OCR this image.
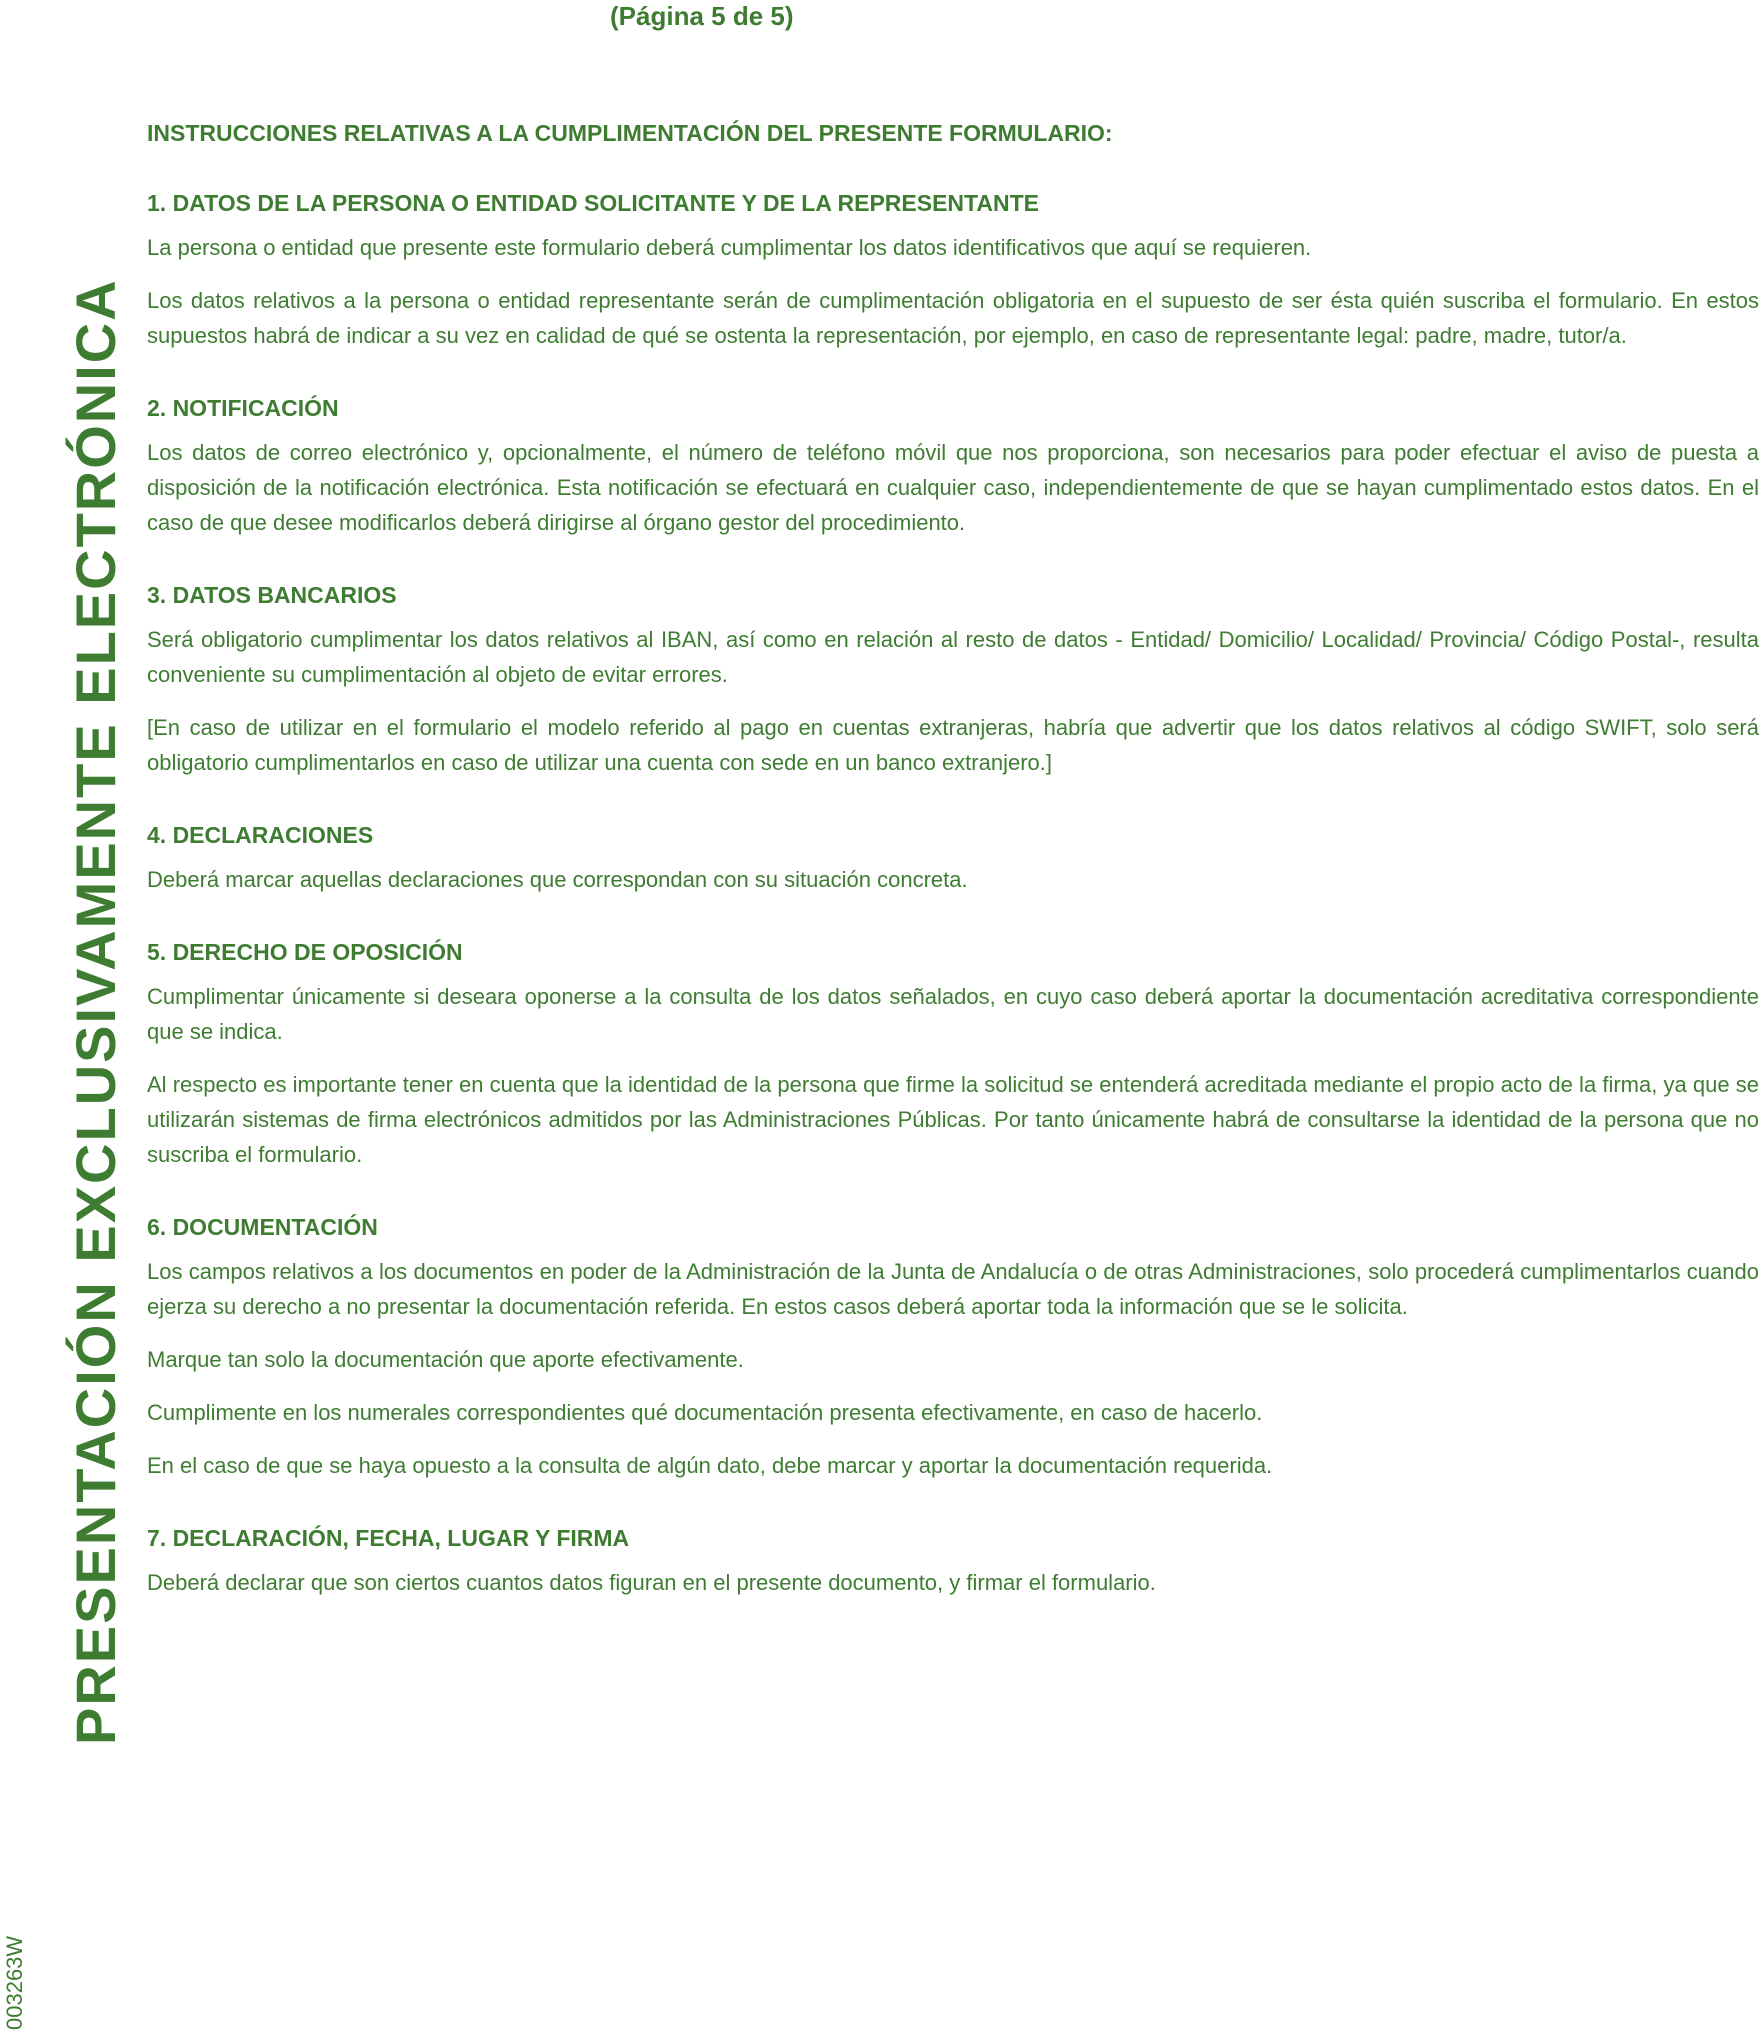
(Página 5 de 5)
PRESENTACIÓN EXCLUSIVAMENTE ELECTRÓNICA
003263W
INSTRUCCIONES RELATIVAS A LA CUMPLIMENTACIÓN DEL PRESENTE FORMULARIO:
1. DATOS DE LA PERSONA O ENTIDAD SOLICITANTE Y DE LA REPRESENTANTE

La persona o entidad que presente este formulario deberá cumplimentar los datos identificativos que aquí se requieren.

Los datos relativos a la persona o entidad representante serán de cumplimentación obligatoria en el supuesto de ser ésta quién suscriba el formulario. En estos supuestos habrá de indicar a su vez en calidad de qué se ostenta la representación, por ejemplo, en caso de representante legal: padre, madre, tutor/a.

2. NOTIFICACIÓN

Los datos de correo electrónico y, opcionalmente, el número de teléfono móvil que nos proporciona, son necesarios para poder efectuar el aviso de puesta a disposición de la notificación electrónica. Esta notificación se efectuará en cualquier caso, independientemente de que se hayan cumplimentado estos datos. En el caso de que desee modificarlos deberá dirigirse al órgano gestor del procedimiento.

3. DATOS BANCARIOS

Será obligatorio cumplimentar los datos relativos al IBAN, así como en relación al resto de datos - Entidad/ Domicilio/ Localidad/ Provincia/ Código Postal-, resulta conveniente su cumplimentación al objeto de evitar errores.

[En caso de utilizar en el formulario el modelo referido al pago en cuentas extranjeras, habría que advertir que los datos relativos al código SWIFT, solo será obligatorio cumplimentarlos en caso de utilizar una cuenta con sede en un banco extranjero.]

4. DECLARACIONES

Deberá marcar aquellas declaraciones que correspondan con su situación concreta.

5. DERECHO DE OPOSICIÓN

Cumplimentar únicamente si deseara oponerse a la consulta de los datos señalados, en cuyo caso deberá aportar la documentación acreditativa correspondiente que se indica.

Al respecto es importante tener en cuenta que la identidad de la persona que firme la solicitud se entenderá acreditada mediante el propio acto de la firma, ya que se utilizarán sistemas de firma electrónicos admitidos por las Administraciones Públicas. Por tanto únicamente habrá de consultarse la identidad de la persona que no suscriba el formulario.

6. DOCUMENTACIÓN

Los campos relativos a los documentos en poder de la Administración de la Junta de Andalucía o de otras Administraciones, solo procederá cumplimentarlos cuando ejerza su derecho a no presentar la documentación referida. En estos casos deberá aportar toda la información que se le solicita.

Marque tan solo la documentación que aporte efectivamente.

Cumplimente en los numerales correspondientes qué documentación presenta efectivamente, en caso de hacerlo.

En el caso de que se haya opuesto a la consulta de algún dato, debe marcar y aportar la documentación requerida.

7. DECLARACIÓN, FECHA, LUGAR Y FIRMA

Deberá declarar que son ciertos cuantos datos figuran en el presente documento, y firmar el formulario.
